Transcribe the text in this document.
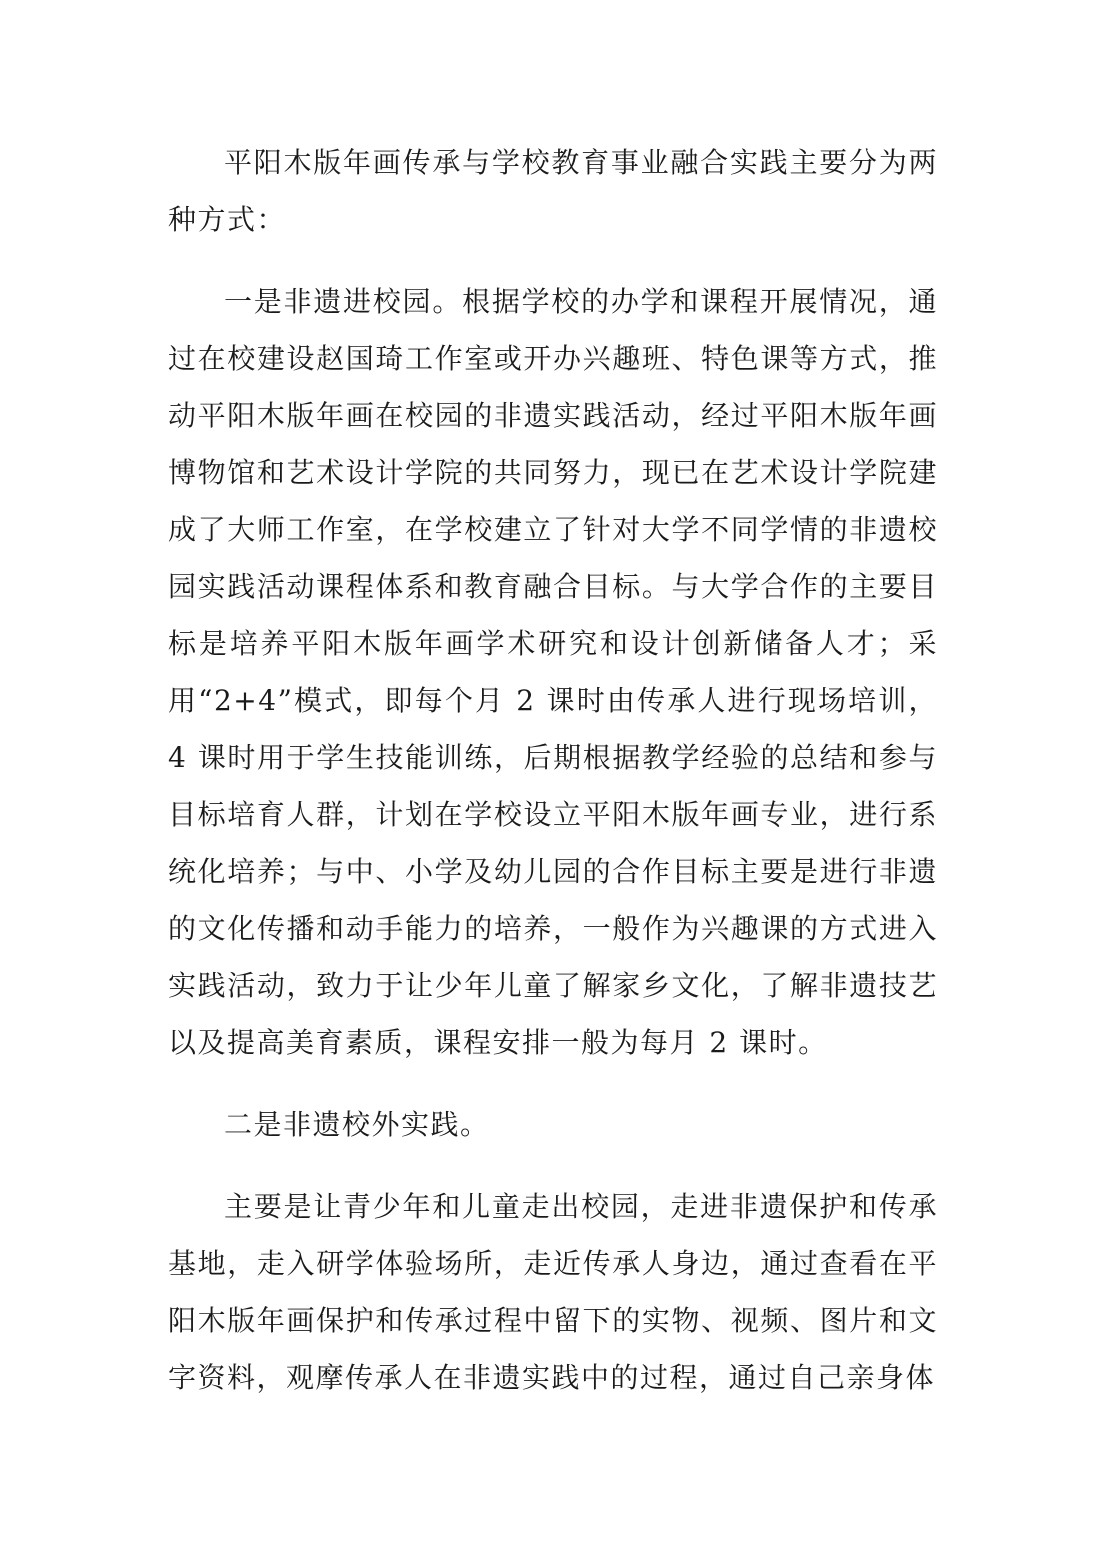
平阳木版年画传承与学校教育事业融合实践主要分为两种方式：

一是非遗进校园。根据学校的办学和课程开展情况，通过在校建设赵国琦工作室或开办兴趣班、特色课等方式，推动平阳木版年画在校园的非遗实践活动，经过平阳木版年画博物馆和艺术设计学院的共同努力，现已在艺术设计学院建成了大师工作室，在学校建立了针对大学不同学情的非遗校园实践活动课程体系和教育融合目标。与大学合作的主要目标是培养平阳木版年画学术研究和设计创新储备人才；采用“2+4”模式，即每个月 2 课时由传承人进行现场培训，4 课时用于学生技能训练，后期根据教学经验的总结和参与目标培育人群，计划在学校设立平阳木版年画专业，进行系统化培养；与中、小学及幼儿园的合作目标主要是进行非遗的文化传播和动手能力的培养，一般作为兴趣课的方式进入实践活动，致力于让少年儿童了解家乡文化，了解非遗技艺以及提高美育素质，课程安排一般为每月 2 课时。

二是非遗校外实践。

主要是让青少年和儿童走出校园，走进非遗保护和传承基地，走入研学体验场所，走近传承人身边，通过查看在平阳木版年画保护和传承过程中留下的实物、视频、图片和文字资料，观摩传承人在非遗实践中的过程，通过自己亲身体
